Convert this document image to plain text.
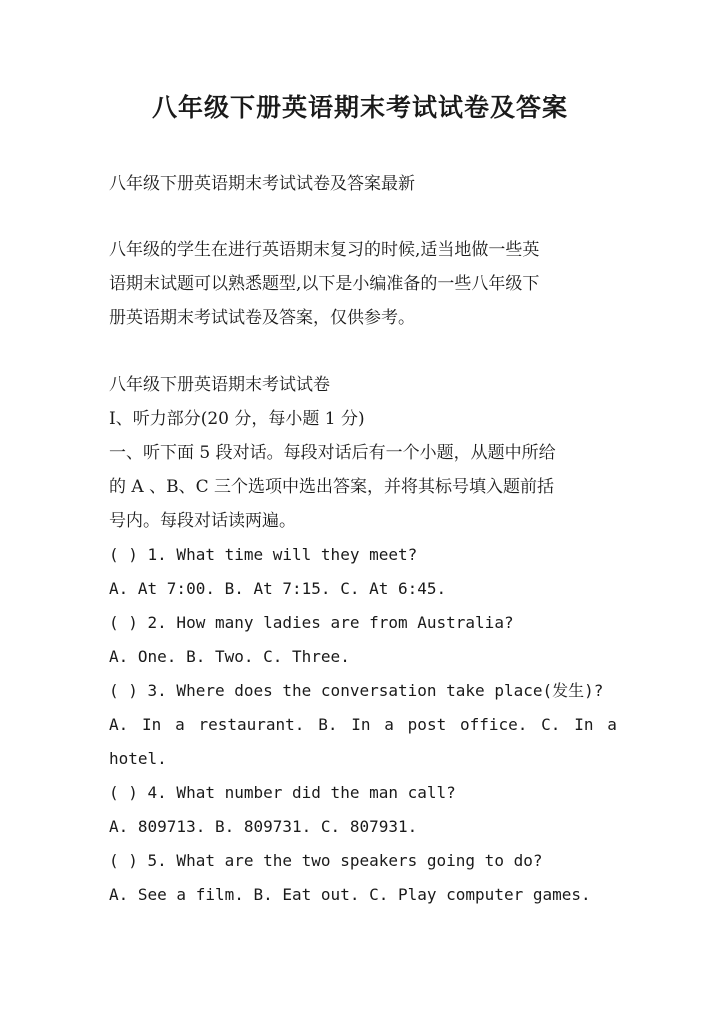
八年级下册英语期末考试试卷及答案

八年级下册英语期末考试试卷及答案最新

八年级的学生在进行英语期末复习的时候,适当地做一些英

语期末试题可以熟悉题型,以下是小编准备的一些八年级下

册英语期末考试试卷及答案，仅供参考。

八年级下册英语期末考试试卷

Ⅰ、听力部分(20 分，每小题 1 分)

一、听下面 5 段对话。每段对话后有一个小题，从题中所给

的 A 、B、C 三个选项中选出答案，并将其标号填入题前括

号内。每段对话读两遍。

( ) 1. What time will they meet?

A. At 7:00. B. At 7:15. C. At 6:45.

( ) 2. How many ladies are from Australia?

A. One. B. Two. C. Three.

( ) 3. Where does the conversation take place(发生)?

A. In a restaurant. B. In a post office. C. In a

hotel.

( ) 4. What number did the man call?

A. 809713. B. 809731. C. 807931.

( ) 5. What are the two speakers going to do?

A. See a film. B. Eat out. C. Play computer games.
